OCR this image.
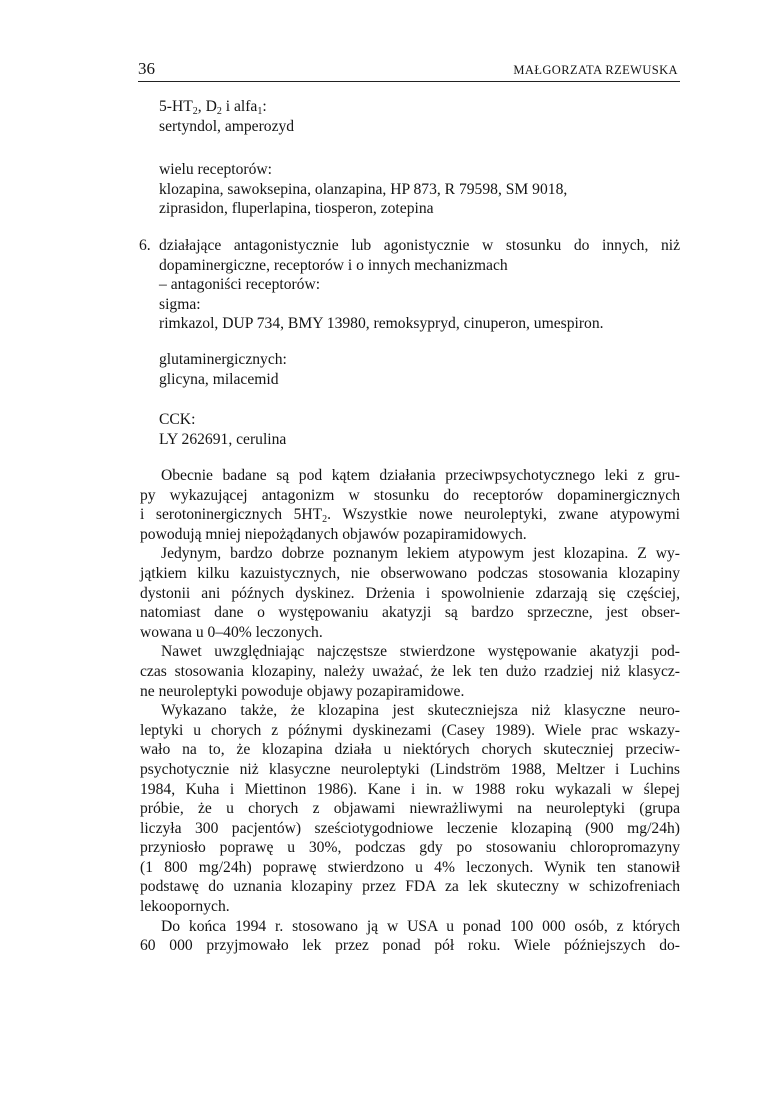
36	MAŁGORZATA RZEWUSKA
$5-HT_2$, $D_2$ i alfa$_1$:
sertyndol, amperozyd
wielu receptorów:
klozapina, sawoksepina, olanzapina, HP 873, R 79598, SM 9018,
ziprasidon, fluperlapina, tiosperon, zotepina
6. działające antagonistycznie lub agonistycznie w stosunku do innych, niż
dopaminergiczne, receptorów i o innych mechanizmach
– antagoniści receptorów:
sigma:
rimkazol, DUP 734, BMY 13980, remoksypryd, cinuperon, umespiron.
glutaminergicznych:
glicyna, milacemid
CCK:
LY 262691, cerulina
Obecnie badane są pod kątem działania przeciwpsychotycznego leki z gru-
py wykazującej antagonizm w stosunku do receptorów dopaminergicznych
i serotoninergicznych $5HT_2$. Wszystkie nowe neuroleptyki, zwane atypowymi
powodują mniej niepożądanych objawów pozapiramidowych.
Jedynym, bardzo dobrze poznanym lekiem atypowym jest klozapina. Z wy-
jątkiem kilku kazuistycznych, nie obserwowano podczas stosowania klozapiny
dystonii ani późnych dyskinez. Drżenia i spowolnienie zdarzają się częściej,
natomiast dane o występowaniu akatyzji są bardzo sprzeczne, jest obser-
wowana u 0–40% leczonych.
Nawet uwzględniając najczęstsze stwierdzone występowanie akatyzji pod-
czas stosowania klozapiny, należy uważać, że lek ten dużo rzadziej niż klasycz-
ne neuroleptyki powoduje objawy pozapiramidowe.
Wykazano także, że klozapina jest skuteczniejsza niż klasyczne neuro-
leptyki u chorych z późnymi dyskinezami (Casey 1989). Wiele prac wskazy-
wało na to, że klozapina działa u niektórych chorych skuteczniej przeciw-
psychotycznie niż klasyczne neuroleptyki (Lindström 1988, Meltzer i Luchins
1984, Kuha i Miettinon 1986). Kane i in. w 1988 roku wykazali w ślepej
próbie, że u chorych z objawami niewrażliwymi na neuroleptyki (grupa
liczyła 300 pacjentów) sześciotygodniowe leczenie klozapiną (900 mg/24h)
przyniosło poprawę u 30%, podczas gdy po stosowaniu chloropromazyny
(1 800 mg/24h) poprawę stwierdzono u 4% leczonych. Wynik ten stanowił
podstawę do uznania klozapiny przez FDA za lek skuteczny w schizofreniach
lekoopornych.
Do końca 1994 r. stosowano ją w USA u ponad 100 000 osób, z których
60 000 przyjmowało lek przez ponad pół roku. Wiele późniejszych do-
